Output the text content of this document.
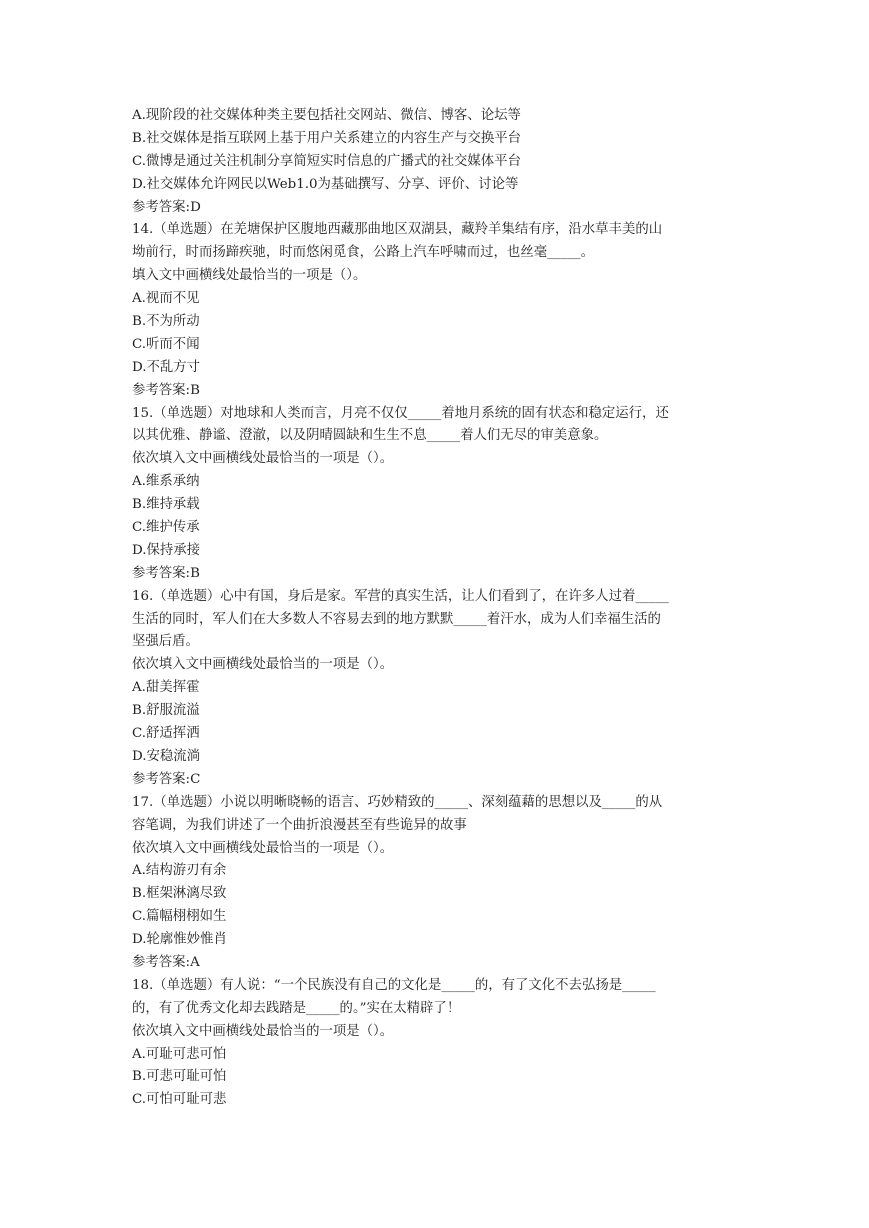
A.现阶段的社交媒体种类主要包括社交网站、微信、博客、论坛等
B.社交媒体是指互联网上基于用户关系建立的内容生产与交换平台
C.微博是通过关注机制分享简短实时信息的广播式的社交媒体平台
D.社交媒体允许网民以Web1.0为基础撰写、分享、评价、讨论等
参考答案:D
14.（单选题）在羌塘保护区腹地西藏那曲地区双湖县，藏羚羊集结有序，沿水草丰美的山
坳前行，时而扬蹄疾驰，时而悠闲觅食，公路上汽车呼啸而过，也丝毫_____。
填入文中画横线处最恰当的一项是（）。
A.视而不见
B.不为所动
C.听而不闻
D.不乱方寸
参考答案:B
15.（单选题）对地球和人类而言，月亮不仅仅_____着地月系统的固有状态和稳定运行，还
以其优雅、静谧、澄澈，以及阴晴圆缺和生生不息_____着人们无尽的审美意象。
依次填入文中画横线处最恰当的一项是（）。
A.维系承纳
B.维持承载
C.维护传承
D.保持承接
参考答案:B
16.（单选题）心中有国，身后是家。军营的真实生活，让人们看到了，在许多人过着_____
生活的同时，军人们在大多数人不容易去到的地方默默_____着汗水，成为人们幸福生活的
坚强后盾。
依次填入文中画横线处最恰当的一项是（）。
A.甜美挥霍
B.舒服流溢
C.舒适挥洒
D.安稳流淌
参考答案:C
17.（单选题）小说以明晰晓畅的语言、巧妙精致的_____、深刻蕴藉的思想以及_____的从
容笔调，为我们讲述了一个曲折浪漫甚至有些诡异的故事
依次填入文中画横线处最恰当的一项是（）。
A.结构游刃有余
B.框架淋漓尽致
C.篇幅栩栩如生
D.轮廓惟妙惟肖
参考答案:A
18.（单选题）有人说：“一个民族没有自己的文化是_____的，有了文化不去弘扬是_____
的，有了优秀文化却去践踏是_____的。”实在太精辟了！
依次填入文中画横线处最恰当的一项是（）。
A.可耻可悲可怕
B.可悲可耻可怕
C.可怕可耻可悲
